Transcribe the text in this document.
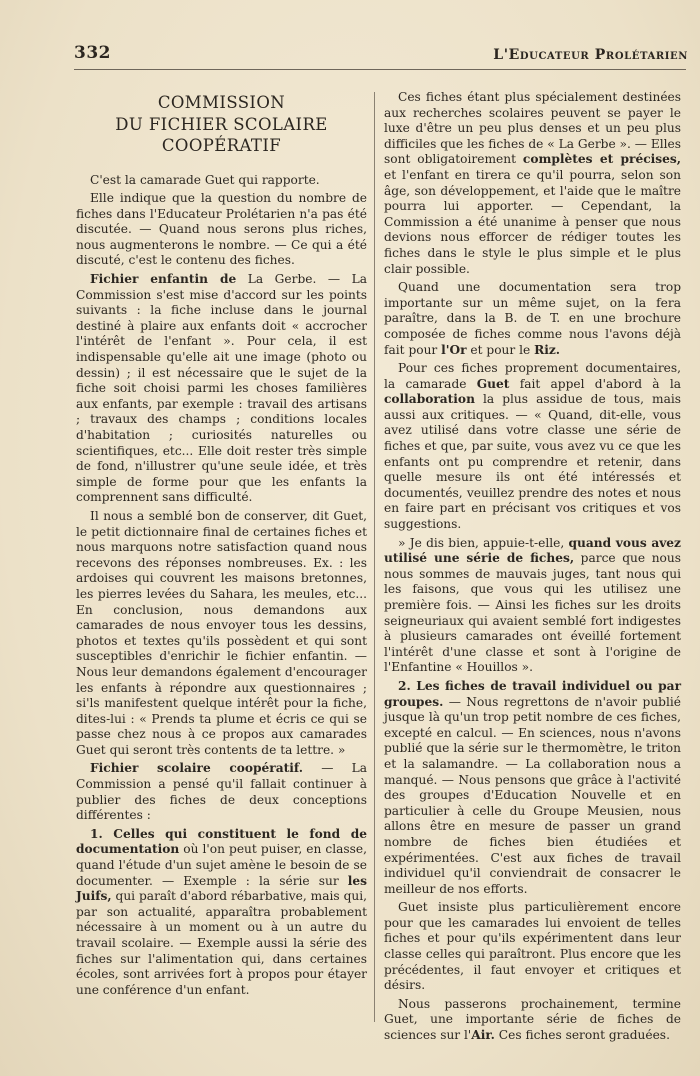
332	L'Educateur Prolétarien
COMMISSION
DU FICHIER SCOLAIRE
COOPÉRATIF

C'est la camarade Guet qui rapporte.

Elle indique que la question du nombre de fiches dans l'Educateur Prolétarien n'a pas été discutée. — Quand nous serons plus riches, nous augmenterons le nombre. — Ce qui a été discuté, c'est le contenu des fiches.

Fichier enfantin de La Gerbe. — La Commission s'est mise d'accord sur les points suivants : la fiche incluse dans le journal destiné à plaire aux enfants doit « accrocher l'intérêt de l'enfant ». Pour cela, il est indispensable qu'elle ait une image (photo ou dessin) ; il est nécessaire que le sujet de la fiche soit choisi parmi les choses familières aux enfants, par exemple : travail des artisans ; travaux des champs ; conditions locales d'habitation ; curiosités naturelles ou scientifiques, etc... Elle doit rester très simple de fond, n'illustrer qu'une seule idée, et très simple de forme pour que les enfants la comprennent sans difficulté.

Il nous a semblé bon de conserver, dit Guet, le petit dictionnaire final de certaines fiches et nous marquons notre satisfaction quand nous recevons des réponses nombreuses. Ex. : les ardoises qui couvrent les maisons bretonnes, les pierres levées du Sahara, les meules, etc... En conclusion, nous demandons aux camarades de nous envoyer tous les dessins, photos et textes qu'ils possèdent et qui sont susceptibles d'enrichir le fichier enfantin. — Nous leur demandons également d'encourager les enfants à répondre aux questionnaires ; si'ls manifestent quelque intérêt pour la fiche, dites-lui : « Prends ta plume et écris ce qui se passe chez nous à ce propos aux camarades Guet qui seront très contents de ta lettre. »

Fichier scolaire coopératif. — La Commission a pensé qu'il fallait continuer à publier des fiches de deux conceptions différentes :

1. Celles qui constituent le fond de documentation où l'on peut puiser, en classe, quand l'étude d'un sujet amène le besoin de se documenter. — Exemple : la série sur les Juifs, qui paraît d'abord rébarbative, mais qui, par son actualité, apparaîtra probablement nécessaire à un moment ou à un autre du travail scolaire. — Exemple aussi la série des fiches sur l'alimentation qui, dans certaines écoles, sont arrivées fort à propos pour étayer une conférence d'un enfant.

Ces fiches étant plus spécialement destinées aux recherches scolaires peuvent se payer le luxe d'être un peu plus denses et un peu plus difficiles que les fiches de « La Gerbe ». — Elles sont obligatoirement complètes et précises, et l'enfant en tirera ce qu'il pourra, selon son âge, son développement, et l'aide que le maître pourra lui apporter. — Cependant, la Commission a été unanime à penser que nous devions nous efforcer de rédiger toutes les fiches dans le style le plus simple et le plus clair possible.

Quand une documentation sera trop importante sur un même sujet, on la fera paraître, dans la B. de T. en une brochure composée de fiches comme nous l'avons déjà fait pour l'Or et pour le Riz.

Pour ces fiches proprement documentaires, la camarade Guet fait appel d'abord à la collaboration la plus assidue de tous, mais aussi aux critiques. — « Quand, dit-elle, vous avez utilisé dans votre classe une série de fiches et que, par suite, vous avez vu ce que les enfants ont pu comprendre et retenir, dans quelle mesure ils ont été intéressés et documentés, veuillez prendre des notes et nous en faire part en précisant vos critiques et vos suggestions.

» Je dis bien, appuie-t-elle, quand vous avez utilisé une série de fiches, parce que nous nous sommes de mauvais juges, tant nous qui les faisons, que vous qui les utilisez une première fois. — Ainsi les fiches sur les droits seigneuriaux qui avaient semblé fort indigestes à plusieurs camarades ont éveillé fortement l'intérêt d'une classe et sont à l'origine de l'Enfantine « Houillos ».

2. Les fiches de travail individuel ou par groupes. — Nous regrettons de n'avoir publié jusque là qu'un trop petit nombre de ces fiches, excepté en calcul. — En sciences, nous n'avons publié que la série sur le thermomètre, le triton et la salamandre. — La collaboration nous a manqué. — Nous pensons que grâce à l'activité des groupes d'Education Nouvelle et en particulier à celle du Groupe Meusien, nous allons être en mesure de passer un grand nombre de fiches bien étudiées et expérimentées. C'est aux fiches de travail individuel qu'il conviendrait de consacrer le meilleur de nos efforts.

Guet insiste plus particulièrement encore pour que les camarades lui envoient de telles fiches et pour qu'ils expérimentent dans leur classe celles qui paraîtront. Plus encore que les précédentes, il faut envoyer et critiques et désirs.

Nous passerons prochainement, termine Guet, une importante série de fiches de sciences sur l'Air. Ces fiches seront graduées.
